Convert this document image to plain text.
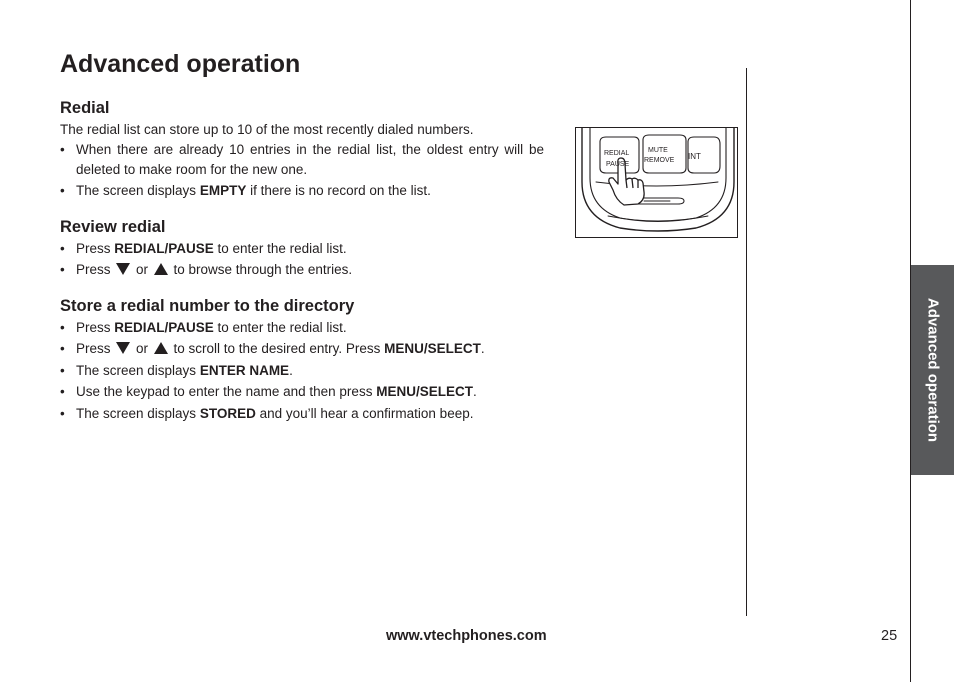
Advanced operation
Redial

The redial list can store up to 10 of the most recently dialed numbers.

• When there are already 10 entries in the redial list, the oldest entry will be deleted to make room for the new one.
• The screen displays EMPTY if there is no record on the list.
Review redial
• Press REDIAL/PAUSE to enter the redial list.
• Press  or  to browse through the entries.
Store a redial number to the directory
• Press REDIAL/PAUSE to enter the redial list.
• Press  or  to scroll to the desired entry. Press MENU/SELECT.
• The screen displays ENTER NAME.
• Use the keypad to enter the name and then press MENU/SELECT.
• The screen displays STORED and you’ll hear a confirmation beep.
REDIAL
PAUSE
MUTE
REMOVE INT
Advanced operation
www.vtechphones.com	25
